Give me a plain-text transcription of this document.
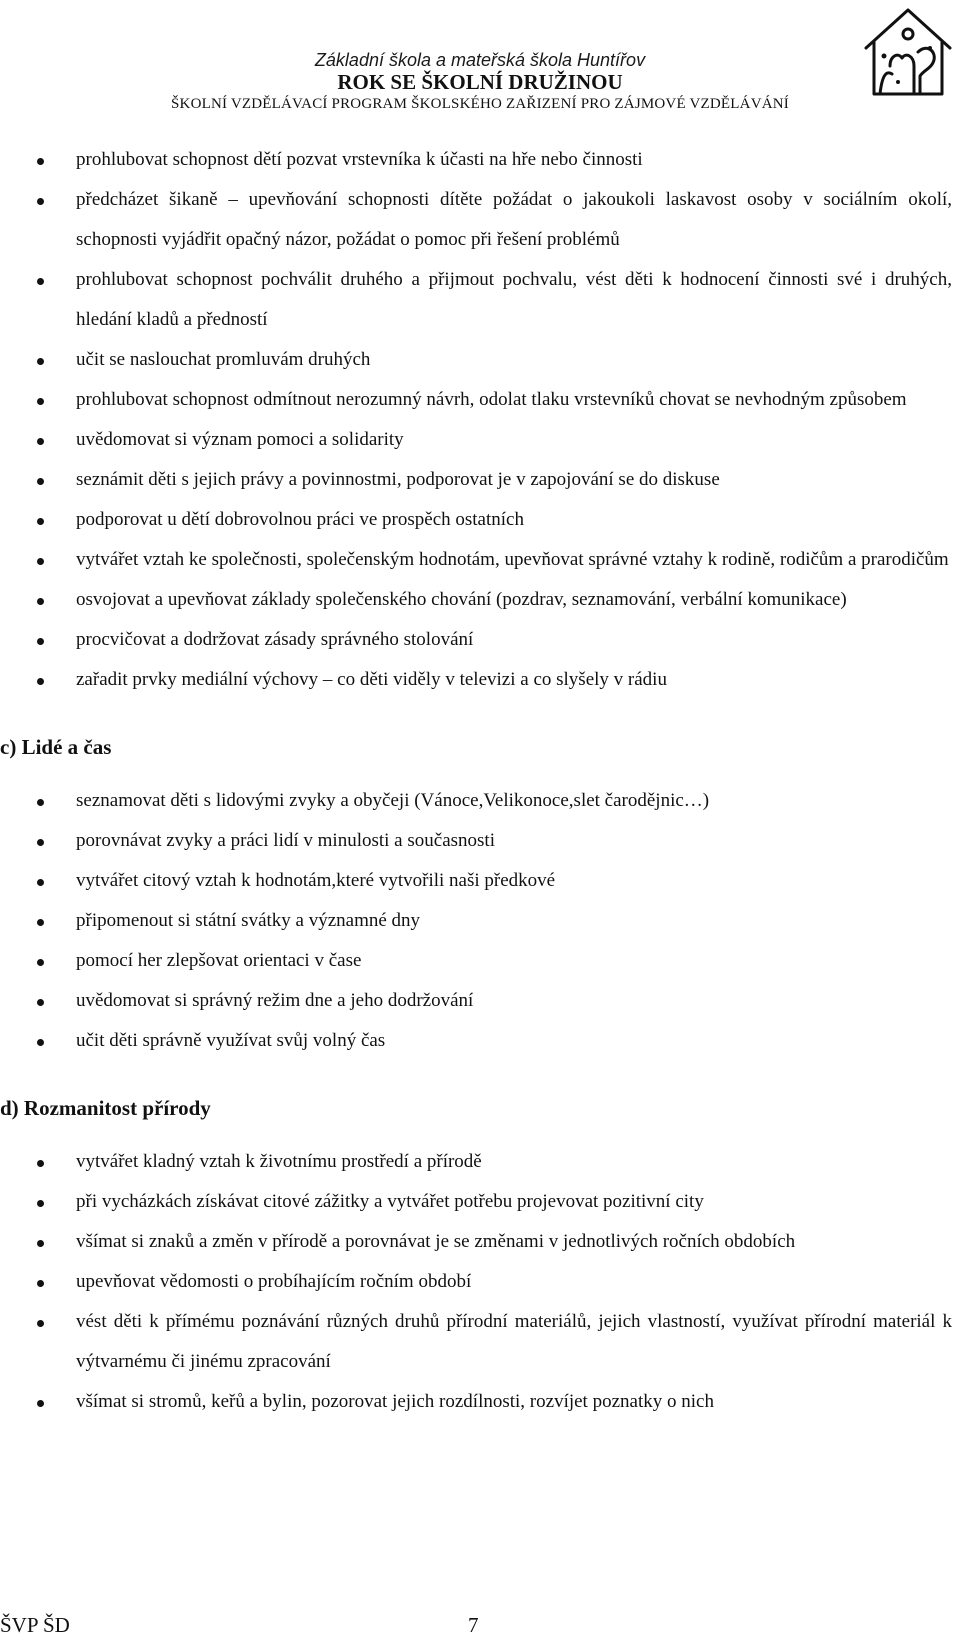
Základní škola a mateřská škola Huntířov
ROK SE ŠKOLNÍ DRUŽINOU
ŠKOLNÍ VZDĚLÁVACÍ PROGRAM ŠKOLSKÉHO ZAŘIZENÍ PRO ZÁJMOVÉ VZDĚLÁVÁNÍ
prohlubovat schopnost dětí pozvat vrstevníka k účasti na hře nebo činnosti
předcházet šikaně – upevňování schopnosti dítěte požádat o jakoukoli laskavost osoby v sociálním okolí, schopnosti vyjádřit opačný názor, požádat o pomoc při řešení problémů
prohlubovat schopnost pochválit druhého a přijmout pochvalu, vést děti k hodnocení činnosti své i druhých, hledání kladů a předností
učit se naslouchat promluvám druhých
prohlubovat schopnost odmítnout nerozumný návrh, odolat tlaku vrstevníků chovat se nevhodným způsobem
uvědomovat si význam pomoci a solidarity
seznámit děti s jejich právy a povinnostmi, podporovat je v zapojování se do diskuse
podporovat u dětí dobrovolnou práci ve prospěch ostatních
vytvářet vztah ke společnosti, společenským hodnotám, upevňovat správné vztahy k rodině, rodičům a prarodičům
osvojovat a upevňovat základy společenského chování (pozdrav, seznamování, verbální komunikace)
procvičovat a dodržovat zásady správného stolování
zařadit prvky mediální výchovy – co děti viděly v televizi a co slyšely v rádiu
c) Lidé a čas
seznamovat děti s lidovými zvyky a obyčeji (Vánoce,Velikonoce,slet čarodějnic…)
porovnávat zvyky a práci lidí v minulosti a současnosti
vytvářet citový vztah k hodnotám,které vytvořili naši předkové
připomenout si státní svátky a významné dny
pomocí her zlepšovat orientaci v čase
uvědomovat si správný režim dne a jeho dodržování
učit děti správně využívat svůj volný čas
d) Rozmanitost přírody
vytvářet kladný vztah k životnímu prostředí a přírodě
při vycházkách získávat citové zážitky a vytvářet potřebu projevovat pozitivní city
všímat si znaků a změn v přírodě a porovnávat je se změnami v jednotlivých ročních obdobích
upevňovat vědomosti o probíhajícím ročním období
vést děti k přímému poznávání různých druhů přírodní materiálů, jejich vlastností, využívat přírodní materiál k výtvarnému či jinému zpracování
všímat si stromů, keřů a bylin, pozorovat jejich rozdílnosti, rozvíjet poznatky o nich
ŠVP ŠD	7
